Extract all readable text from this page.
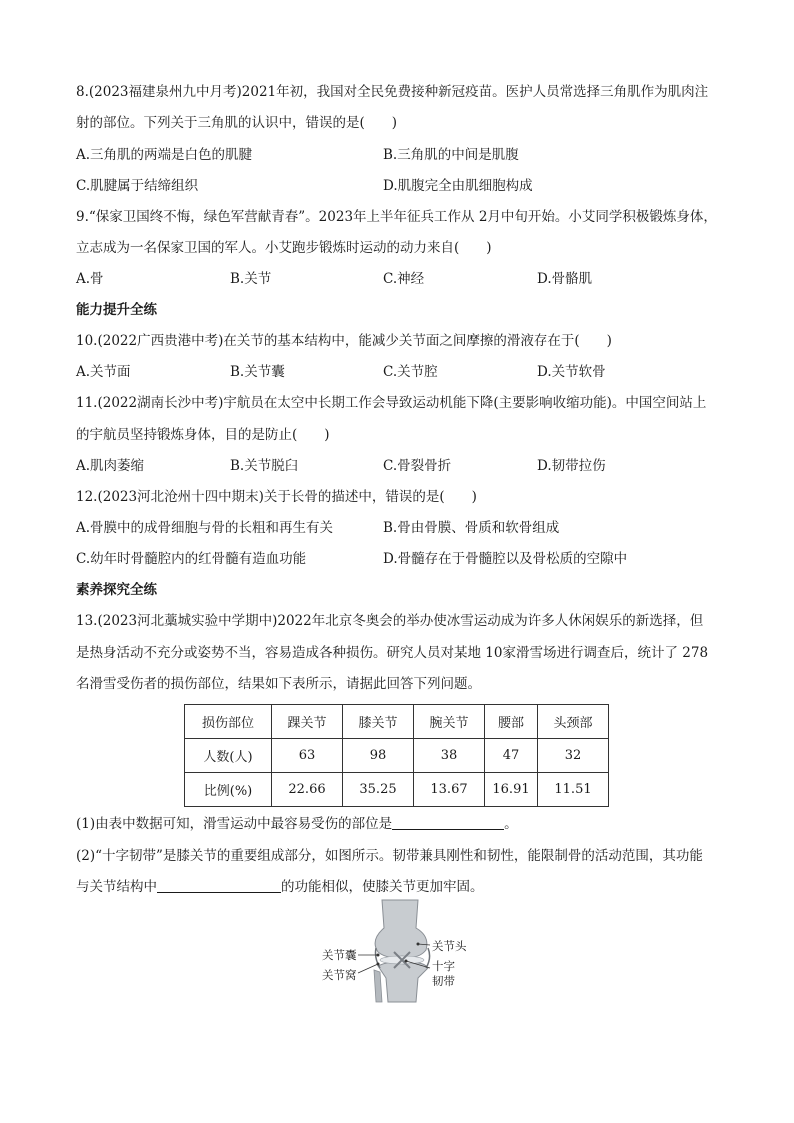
8.(2023福建泉州九中月考)2021年初，我国对全民免费接种新冠疫苗。医护人员常选择三角肌作为肌肉注
射的部位。下列关于三角肌的认识中，错误的是(　　)
A.三角肌的两端是白色的肌腱	B.三角肌的中间是肌腹
C.肌腱属于结缔组织	D.肌腹完全由肌细胞构成
9.“保家卫国终不悔，绿色军营献青春”。2023年上半年征兵工作从 2月中旬开始。小艾同学积极锻炼身体，
立志成为一名保家卫国的军人。小艾跑步锻炼时运动的动力来自(　　)
A.骨	B.关节	C.神经	D.骨骼肌
能力提升全练
10.(2022广西贵港中考)在关节的基本结构中，能减少关节面之间摩擦的滑液存在于(　　)
A.关节面	B.关节囊	C.关节腔	D.关节软骨
11.(2022湖南长沙中考)宇航员在太空中长期工作会导致运动机能下降(主要影响收缩功能)。中国空间站上
的宇航员坚持锻炼身体，目的是防止(　　)
A.肌肉萎缩	B.关节脱臼	C.骨裂骨折	D.韧带拉伤
12.(2023河北沧州十四中期末)关于长骨的描述中，错误的是(　　)
A.骨膜中的成骨细胞与骨的长粗和再生有关	B.骨由骨膜、骨质和软骨组成
C.幼年时骨髓腔内的红骨髓有造血功能	D.骨髓存在于骨髓腔以及骨松质的空隙中
素养探究全练
13.(2023河北藁城实验中学期中)2022年北京冬奥会的举办使冰雪运动成为许多人休闲娱乐的新选择，但
是热身活动不充分或姿势不当，容易造成各种损伤。研究人员对某地 10家滑雪场进行调查后，统计了 278
名滑雪受伤者的损伤部位，结果如下表所示，请据此回答下列问题。
损伤部位	踝关节	膝关节	腕关节	腰部	头颈部
人数(人)	63	98	38	47	32
比例(%)	22.66	35.25	13.67	16.91	11.51
(1)由表中数据可知，滑雪运动中最容易受伤的部位是	。
(2)“十字韧带”是膝关节的重要组成部分，如图所示。韧带兼具刚性和韧性，能限制骨的活动范围，其功能
与关节结构中	的功能相似，使膝关节更加牢固。
关节囊
关节窝
关节头
十字
韧带
